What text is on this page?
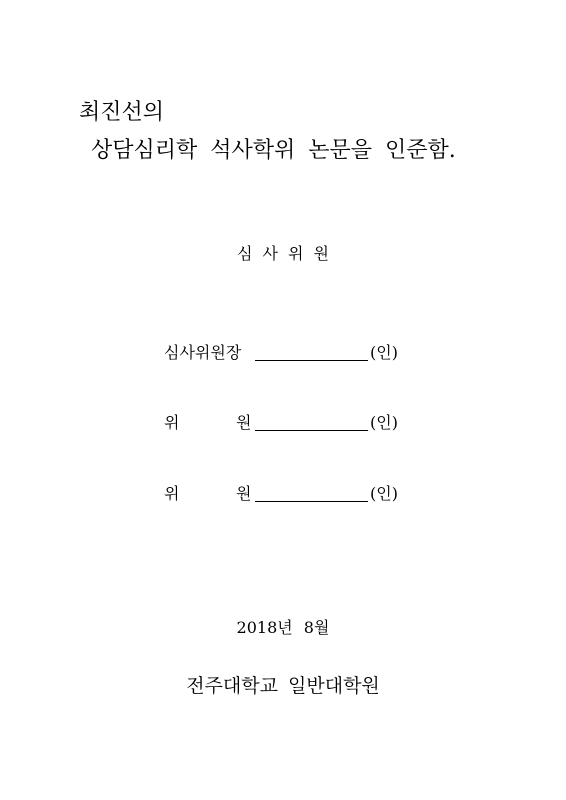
최진선의
상담심리학 석사학위 논문을 인준함.
심사위원
심사위원장	(인)
위	원	(인)
위	원	(인)
2018년 8월
전주대학교 일반대학원
